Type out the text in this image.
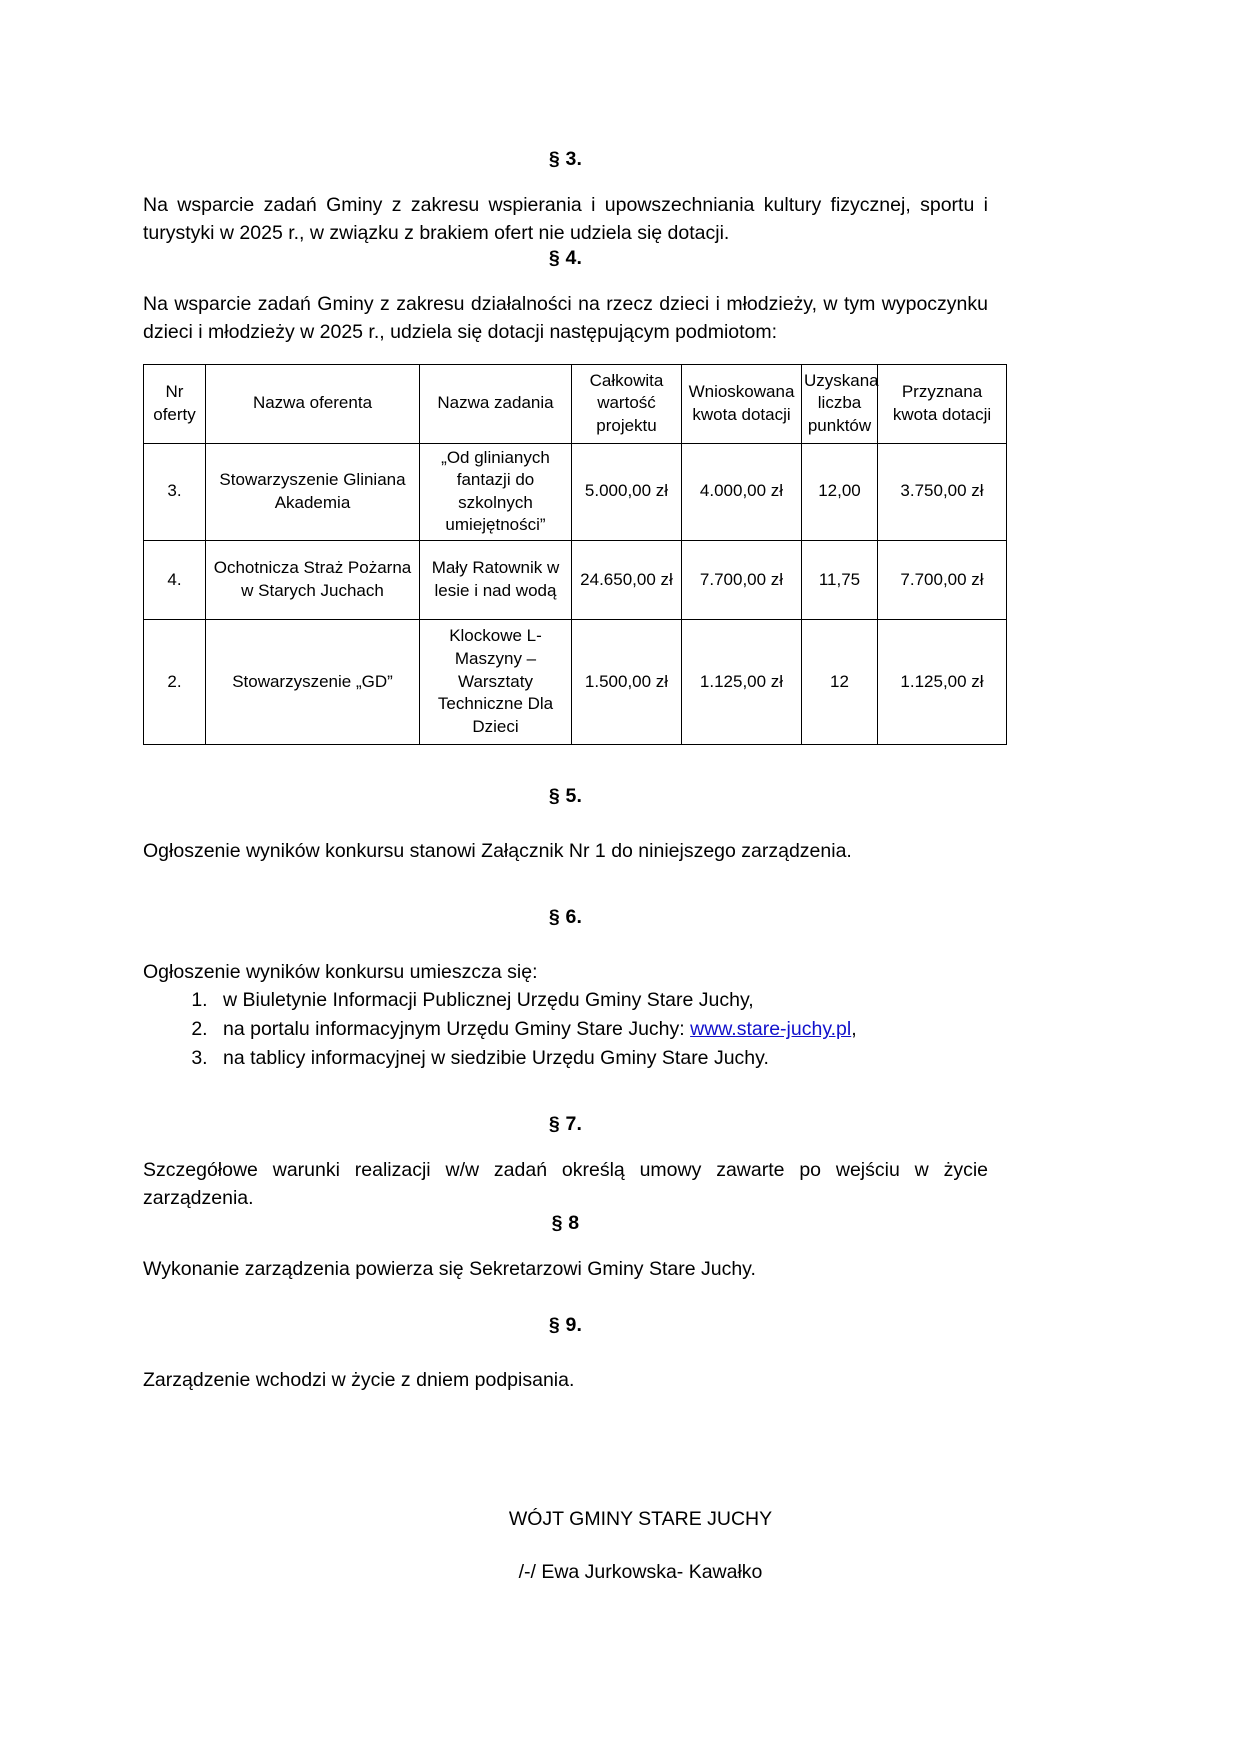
§ 3.

Na wsparcie zadań Gminy z zakresu wspierania i upowszechniania kultury fizycznej, sportu i turystyki w 2025 r., w związku z brakiem ofert nie udziela się dotacji.

§ 4.

Na wsparcie zadań Gminy z zakresu działalności na rzecz dzieci i młodzieży, w tym wypoczynku dzieci i młodzieży w 2025 r., udziela się dotacji następującym podmiotom:

Nr oferty	Nazwa oferenta	Nazwa zadania	Całkowita wartość projektu	Wnioskowana kwota dotacji	Uzyskana liczba punktów	Przyznana kwota dotacji
3.	Stowarzyszenie Gliniana Akademia	„Od glinianych fantazji do szkolnych umiejętności”	5.000,00 zł	4.000,00 zł	12,00	3.750,00 zł
4.	Ochotnicza Straż Pożarna w Starych Juchach	Mały Ratownik w lesie i nad wodą	24.650,00 zł	7.700,00 zł	11,75	7.700,00 zł
2.	Stowarzyszenie „GD”	Klockowe L- Maszyny – Warsztaty Techniczne Dla Dzieci	1.500,00 zł	1.125,00 zł	12	1.125,00 zł
§ 5.

Ogłoszenie wyników konkursu stanowi Załącznik Nr 1 do niniejszego zarządzenia.

§ 6.

Ogłoszenie wyników konkursu umieszcza się:

1. w Biuletynie Informacji Publicznej Urzędu Gminy Stare Juchy,
2. na portalu informacyjnym Urzędu Gminy Stare Juchy: www.stare-juchy.pl,
3. na tablicy informacyjnej w siedzibie Urzędu Gminy Stare Juchy.
§ 7.

Szczegółowe warunki realizacji w/w zadań określą umowy zawarte po wejściu w życie zarządzenia.

§ 8

Wykonanie zarządzenia powierza się Sekretarzowi Gminy Stare Juchy.

§ 9.

Zarządzenie wchodzi w życie z dniem podpisania.

WÓJT GMINY STARE JUCHY
/-/ Ewa Jurkowska- Kawałko
